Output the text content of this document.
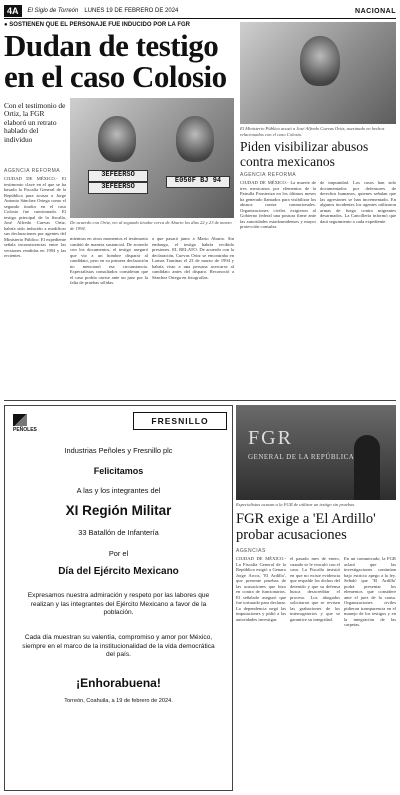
4A	El Siglo de Torreón LUNES 19 DE FEBRERO DE 2024	NACIONAL
● SOSTIENEN QUE EL PERSONAJE FUE INDUCIDO POR LA FGR
Dudan de testigo en el caso Colosio
Con el testimonio de Ortiz, la FGR elaboró un retrato hablado del individuo
AGENCIA REFORMA
CIUDAD DE MÉXICO.- El testimonio clave en el que se ha basado la Fiscalía General de la República para acusar a Jorge Antonio Sánchez Ortega como el segundo tirador en el caso Colosio fue cuestionado. El testigo principal de la fiscalía, José Alfredo Cuevas Ortiz, habría sido inducido a modificar sus declaraciones por agentes del Ministerio Público. El expediente señala inconsistencias entre las versiones rendidas en 1994 y las recientes.
3EFEERSO
3EFEERSO
E050F BJ 94
De acuerdo con Ortiz, vio al segundo tirador cerca de Aburto los días 22 y 23 de marzo de 1994.
mientras en otros momentos el testimonio cambió de manera sustancial. De acuerdo con los documentos, el testigo aseguró que vio a un hombre disparar al candidato, pero en su primera declaración no mencionó esa circunstancia. Especialistas consultados consideran que el caso podría caerse ante un juez por la falta de pruebas sólidas.
a que pasará junto a Mario Aburto. Sin embargo, el testigo habría recibido presiones. EL RELATO. De acuerdo con la declaración, Cuevas Ortiz se encontraba en Lomas Taurinas el 23 de marzo de 1994 y habría visto a una persona acercarse al candidato antes del disparo. Reconoció a Sánchez Ortega en fotografías.
El Ministerio Público acusó a José Alfredo Cuevas Ortiz, asesinado en hechos relacionados con el caso Colosio.
Piden visibilizar abusos contra mexicanos
AGENCIA REFORMA
CIUDAD DE MÉXICO.- La muerte de tres mexicanos por elementos de la Patrulla Fronteriza en los últimos meses ha generado llamados para visibilizar los abusos contra connacionales. Organizaciones civiles exigieron al Gobierno federal una postura firme ante las autoridades estadounidenses y mayor protección consular.
de impunidad. Los casos han sido documentados por defensores de derechos humanos, quienes señalan que las agresiones se han incrementado. En algunos incidentes los agentes utilizaron armas de fuego contra migrantes desarmados. La Cancillería informó que dará seguimiento a cada expediente.
PEÑOLES
FRESNILLO
Industrias Peñoles y Fresnillo plc
Felicitamos
A las y los integrantes del
XI Región Militar
33 Batallón de Infantería
Por el
Día del Ejército Mexicano
Expresamos nuestra admiración y respeto por las labores que realizan y las integrantes del Ejército Mexicano a favor de la población.
Cada día muestran su valentía, compromiso y amor por México, siempre en el marco de la institucionalidad de la vida democrática del país.
¡Enhorabuena!
Torreón, Coahuila, a 19 de febrero de 2024.
FGR
GENERAL DE LA REPÚBLICA
Especialistas acusan a la FGR de utilizar un testigo sin pruebas.
FGR exige a 'El Ardillo' probar acusaciones
AGENCIAS
CIUDAD DE MÉXICO.- La Fiscalía General de la República exigió a Genaro Jorge Arcos, 'El Ardillo', que presente pruebas de las acusaciones que hizo en contra de funcionarios. El señalado aseguró que fue torturado para declarar. La dependencia negó las imputaciones y pidió a las autoridades investigar.
el pasado mes de enero, cuando se le vinculó con el caso. La Fiscalía insistió en que no existe evidencia que respalde los dichos del detenido y que su defensa busca desacreditar el proceso. Los abogados solicitaron que se revisen las grabaciones de los interrogatorios y que se garantice su integridad.
En un comunicado, la FGR aclaró que las investigaciones continúan bajo estricto apego a la ley. Señaló que 'El Ardillo' podrá presentar los elementos que considere ante el juez de la causa. Organizaciones civiles pidieron transparencia en el manejo de los testigos y en la integración de las carpetas.
